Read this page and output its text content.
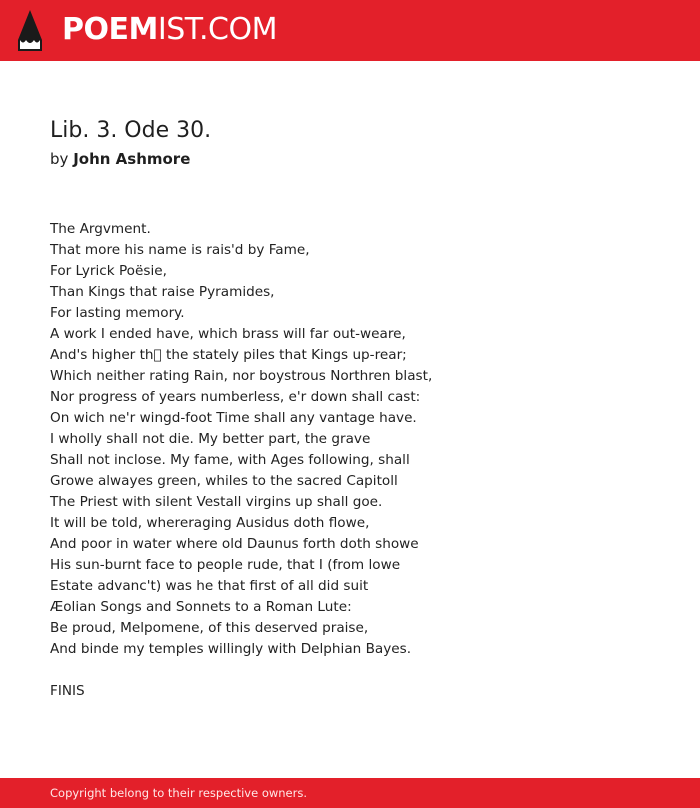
POEMIST.COM
Lib. 3. Ode 30.
by John Ashmore
The Argvment.
That more his name is rais'd by Fame,
For Lyrick Poësie,
Than Kings that raise Pyramides,
For lasting memory.
A work I ended have, which brass will far out-weare,
And's higher th  the stately piles that Kings up-rear;
Which neither rating Rain, nor boystrous Northren blast,
Nor progress of years numberless, e'r down shall cast:
On wich ne'r wingd-foot Time shall any vantage have.
I wholly shall not die. My better part, the grave
Shall not inclose. My fame, with Ages following, shall
Growe alwayes green, whiles to the sacred Capitoll
The Priest with silent Vestall virgins up shall goe.
It will be told, whereraging Ausidus doth flowe,
And poor in water where old Daunus forth doth showe
His sun-burnt face to people rude, that I (from lowe
Estate advanc't) was he that first of all did suit
Æolian Songs and Sonnets to a Roman Lute:
Be proud, Melpomene, of this deserved praise,
And binde my temples willingly with Delphian Bayes.
FINIS
Copyright belong to their respective owners.
